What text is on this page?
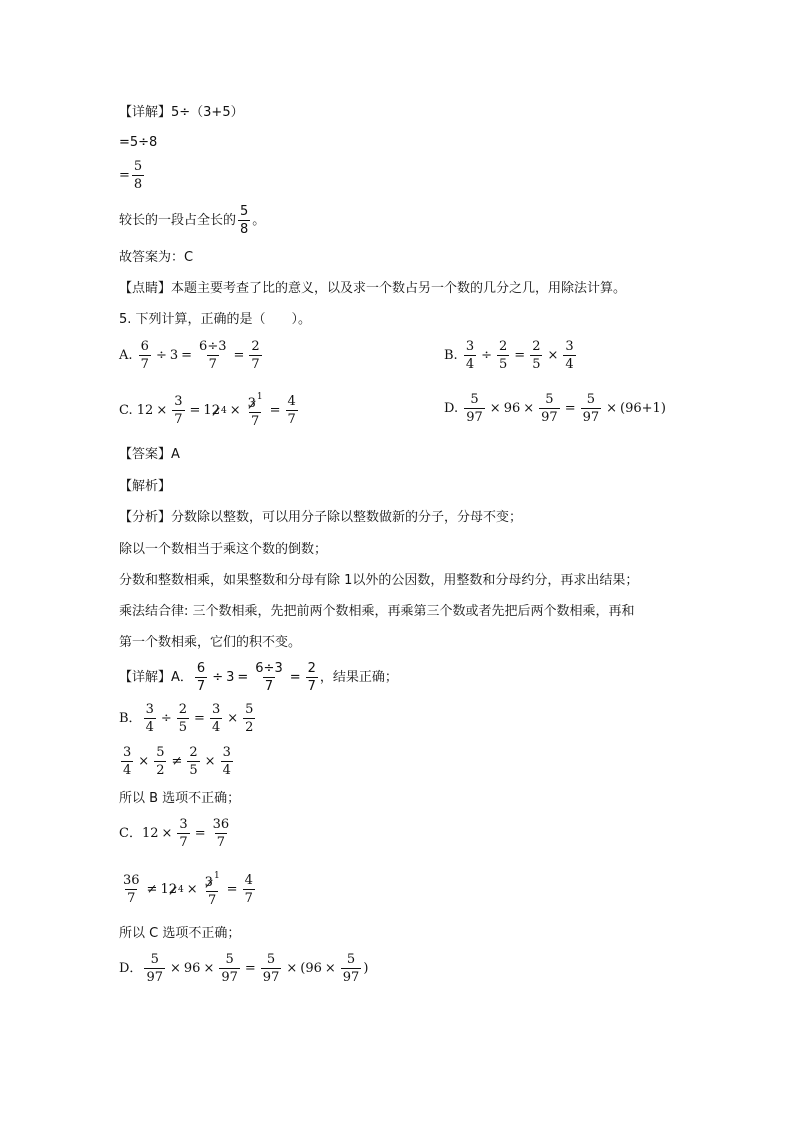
【详解】5÷（3+5）
=5÷8
= $\frac{5}{8}$
较长的一段占全长的 $\frac{5}{8}$ 。
故答案为：C
【点睛】本题主要考查了比的意义，以及求一个数占另一个数的几分之几，用除法计算。
5. 下列计算，正确的是（　　）。
A.
$\frac{6}{7} \div 3 = \frac{6\div 3}{7} = \frac{2}{7}$	B.
$\frac{3}{4} \div \frac{2}{5} = \frac{2}{5} \times \frac{3}{4}$
C.
$12 \times \frac{3}{7} = 1$ 2 $4 \times \frac{3^1}{7} = \frac{4}{7}$	D.
$\frac{5}{97} \times 96 \times \frac{5}{97} = \frac{5}{97}$ × ( 96+1 )
【答案】A
【解析】
【分析】分数除以整数，可以用分子除以整数做新的分子，分母不变；
除以一个数相当于乘这个数的倒数；
分数和整数相乘，如果整数和分母有除 1以外的公因数，用整数和分母约分，再求出结果；
乘法结合律: 三个数相乘，先把前两个数相乘，再乘第三个数或者先把后两个数相乘，再和
第一个数相乘，它们的积不变。
【详解】A． $\frac{6}{7} \div 3 = \frac{6\div 3}{7} = \frac{2}{7}$ ，结果正确；
B． $\frac{3}{4} \div \frac{2}{5} = \frac{3}{4} \times \frac{5}{2}$
$\frac{3}{4} \times \frac{5}{2} \ne \frac{2}{5} \times \frac{3}{4}$
所以 B 选项不正确；
C． $12 \times \frac{3}{7} = \frac{36}{7}$
$\frac{36}{7} \ne 1$ 2 $4 \times \frac{3^1}{7} = \frac{4}{7}$
所以 C 选项不正确；
D． $\frac{5}{97} \times 96 \times \frac{5}{97} = \frac{5}{97}$ × ( $96 \times \frac{5}{97}$ )
